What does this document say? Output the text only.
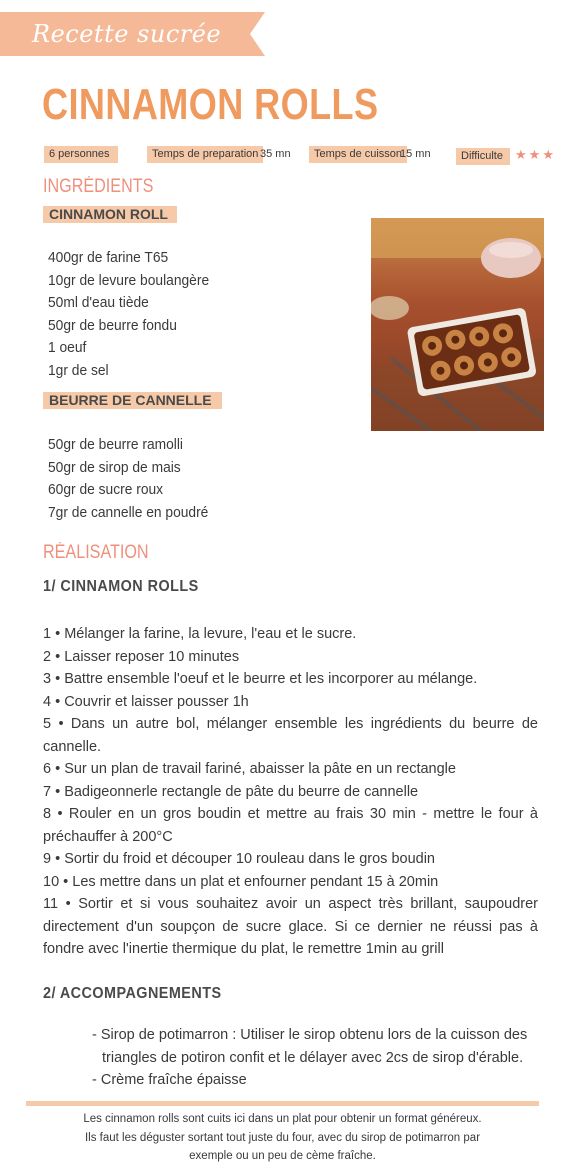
Recette sucrée
CINNAMON ROLLS
6 personnes	Temps de preparation 35 mn	Temps de cuisson
15 mn	Difficulte ★★★
INGRÉDIENTS
CINNAMON ROLL
400gr de farine T65
10gr de levure boulangère
50ml d'eau tiède
50gr de beurre fondu
1 oeuf
1gr de sel
BEURRE DE CANNELLE
50gr de beurre ramolli
50gr de sirop de mais
60gr de sucre roux
7gr de cannelle en poudré
RÉALISATION
1/ CINNAMON ROLLS
1 • Mélanger la farine, la levure, l'eau et le sucre.
2 • Laisser reposer 10 minutes
3 • Battre ensemble l'oeuf et le beurre et les incorporer au mélange.
4 • Couvrir et laisser pousser 1h
5 • Dans un autre bol, mélanger ensemble les ingrédients du beurre de cannelle.
6 • Sur un plan de travail fariné, abaisser la pâte en un rectangle
7 • Badigeonnerle rectangle de pâte du beurre de cannelle
8 • Rouler en un gros boudin et mettre au frais 30 min - mettre le four à préchauffer à 200°C
9 • Sortir du froid et découper 10 rouleau dans le gros boudin
10 • Les mettre dans un plat et enfourner pendant 15 à 20min
11 • Sortir et si vous souhaitez avoir un aspect très brillant, saupoudrer directement d'un soupçon de sucre glace. Si ce dernier ne réussi pas à fondre avec l'inertie thermique du plat, le remettre 1min au grill
2/ ACCOMPAGNEMENTS
- Sirop de potimarron : Utiliser le sirop obtenu lors de la cuisson des triangles de potiron confit et le délayer avec 2cs de sirop d'érable.
- Crème fraîche épaisse
Les cinnamon rolls sont cuits ici dans un plat pour obtenir un format généreux.
Ils faut les déguster sortant tout juste du four, avec du sirop de potimarron par
exemple ou un peu de cème fraîche.
